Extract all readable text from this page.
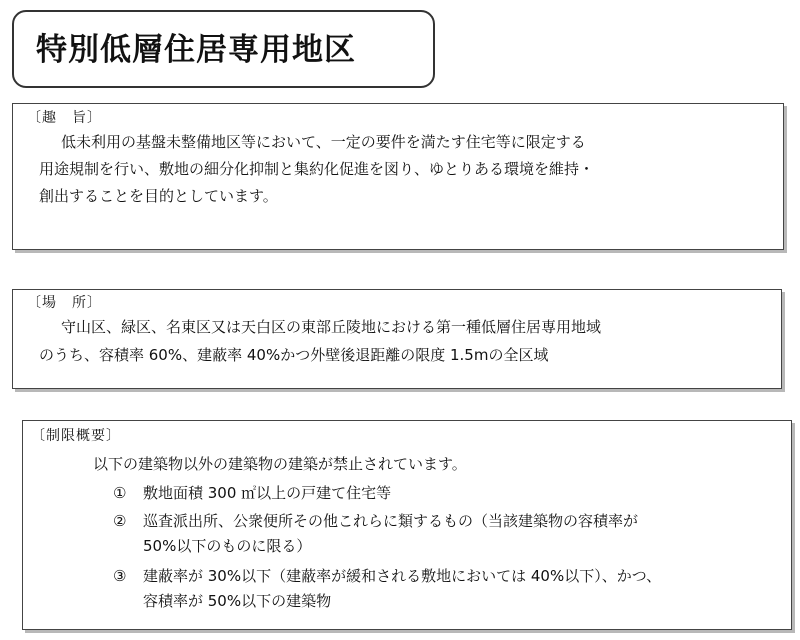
特別低層住居専用地区
〔趣　旨〕
低未利用の基盤未整備地区等において、一定の要件を満たす住宅等に限定する
用途規制を行い、敷地の細分化抑制と集約化促進を図り、ゆとりある環境を維持・
創出することを目的としています。
〔場　所〕
守山区、緑区、名東区又は天白区の東部丘陵地における第一種低層住居専用地域
のうち、容積率 60%、建蔽率 40%かつ外壁後退距離の限度 1.5mの全区域
〔制限概要〕
以下の建築物以外の建築物の建築が禁止されています。
① 敷地面積 300 ㎡以上の戸建て住宅等
② 巡査派出所、公衆便所その他これらに類するもの（当該建築物の容積率が
50%以下のものに限る）
③ 建蔽率が 30%以下（建蔽率が緩和される敷地においては 40%以下）、かつ、
容積率が 50%以下の建築物
